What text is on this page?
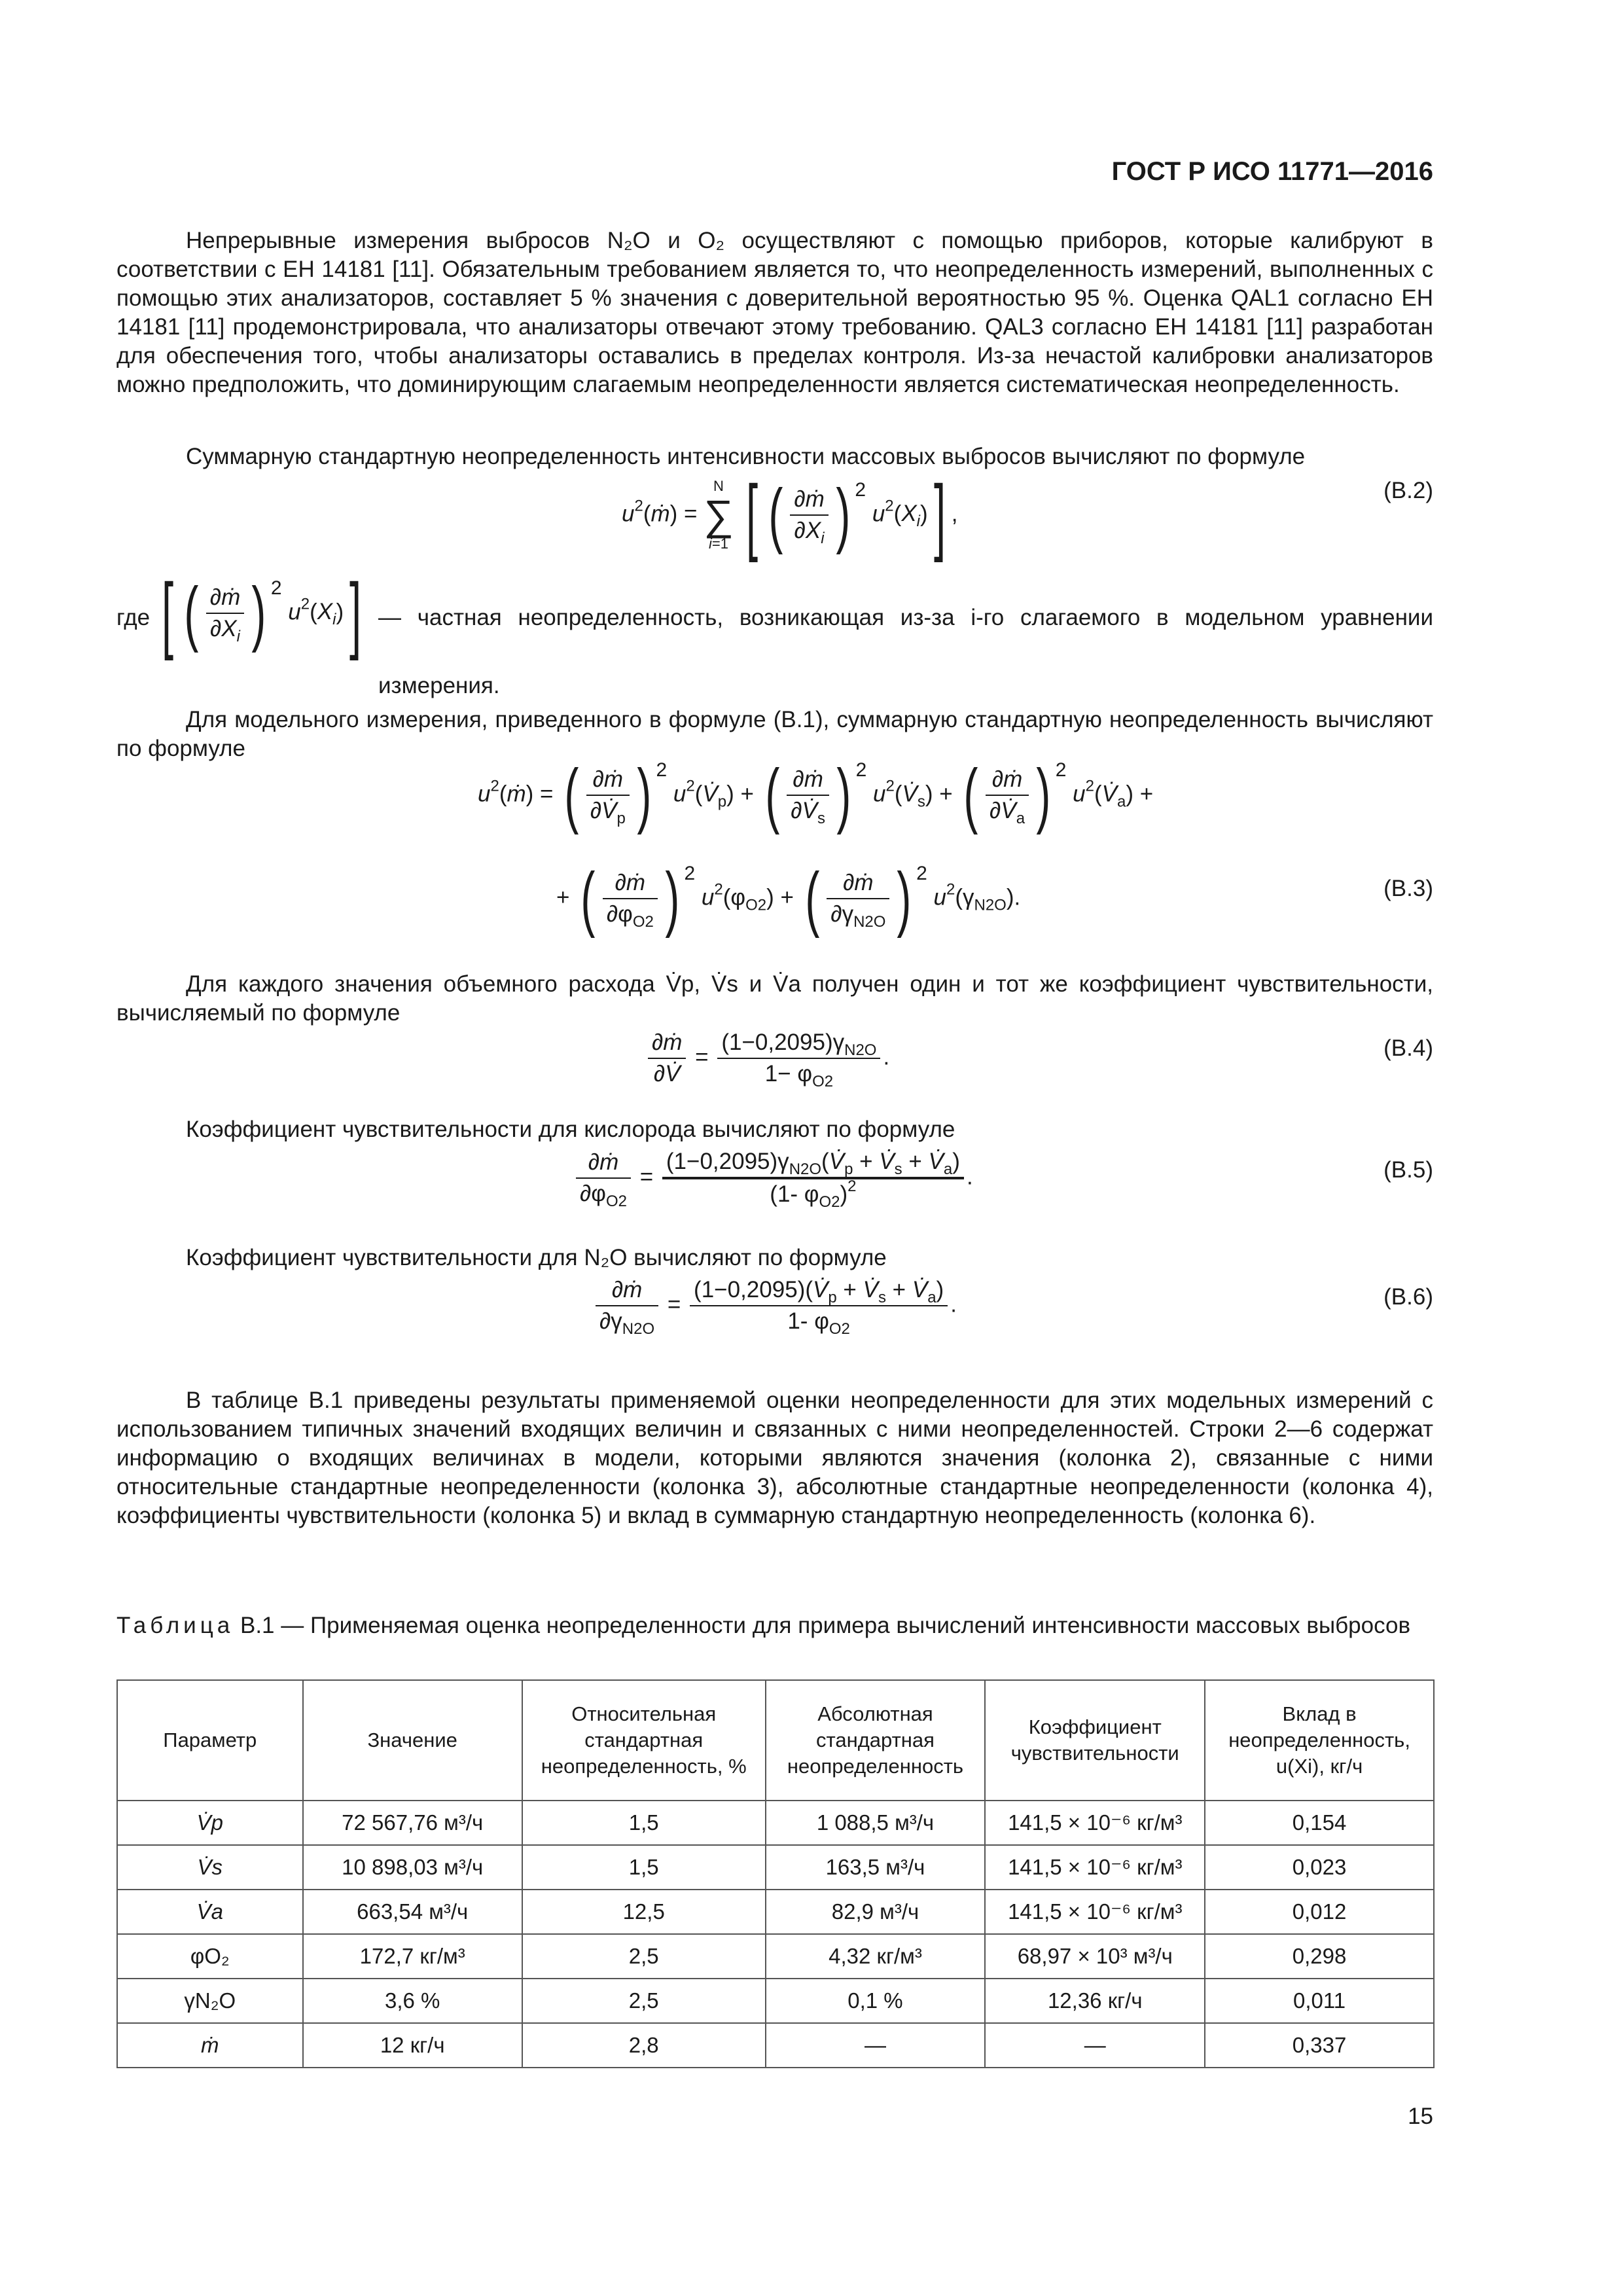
ГОСТ Р ИСО 11771—2016
Непрерывные измерения выбросов N₂O и O₂ осуществляют с помощью приборов, которые калибруют в соответствии с ЕН 14181 [11]. Обязательным требованием является то, что неопределенность измерений, выполненных с помощью этих анализаторов, составляет 5 % значения с доверительной вероятностью 95 %. Оценка QAL1 согласно ЕН 14181 [11] продемонстрировала, что анализаторы отвечают этому требованию. QAL3 согласно ЕН 14181 [11] разработан для обеспечения того, чтобы анализаторы оставались в пределах контроля. Из-за нечастой калибровки анализаторов можно предположить, что доминирующим слагаемым неопределенности является систематическая неопределенность.
Суммарную стандартную неопределенность интенсивности массовых выбросов вычисляют по формуле
$u^2(ṁ) = N$
∑
i=1 [ ( $\frac{\text{∂ṁ}}{\partial X_i}$ ) 2 $u^2(X_i)$] ,
(В.2)
где [ ( $\frac{\text{∂ṁ}}{\partial X_i}$ ) 2 $u^2(X_i)$] — частная неопределенность, возникающая из-за i-го слагаемого в модельном уравнении
измерения.
Для модельного измерения, приведенного в формуле (В.1), суммарную стандартную неопределенность вычисляют по формуле
$u^2(ṁ)$ = ( $\frac{\text{∂ṁ}}{\partial V̇_p}$ ) 2 $u^2(V̇_p)$ + ( $\frac{\text{∂ṁ}}{\partial V̇_s}$ ) 2 $u^2(V̇_s)$ + ( $\frac{\text{∂ṁ}}{\partial V̇_a}$ ) 2 $u^2(V̇_a)$ +
+ ( $\frac{\text{∂ṁ}}{\partial\varphi_{O2}}$ ) 2 $u^2(\varphi_{O2})$ + ( $\frac{\text{∂ṁ}}{\partial\gamma_{N2O}}$ ) 2 $u^2(\gamma_{N2O})$.	(В.3)
Для каждого значения объемного расхода V̇p, V̇s и V̇a получен один и тот же коэффициент чувствительности,
вычисляемый по формуле
$\frac{\text{∂ṁ}}{\partial V̇} = \frac{(1-0,2095)\gamma_{N2O}}{1- \varphi_{O2}}$ .	(В.4)
Коэффициент чувствительности для кислорода вычисляют по формуле
$\frac{\text{∂ṁ}}{\partial\varphi_{O2}} = \frac{(1-0,2095)\gamma_{N2O}(V̇_p + V̇_s + V̇_a)}{(1- \varphi_{O2})^2}$ .	(В.5)
Коэффициент чувствительности для N₂O вычисляют по формуле
$\frac{\text{∂ṁ}}{\partial\gamma_{N2O}} = \frac{(1-0,2095)(V̇_p + V̇_s + V̇_a)}{1- \varphi_{O2}}$ .	(В.6)
В таблице В.1 приведены результаты применяемой оценки неопределенности для этих модельных измерений с использованием типичных значений входящих величин и связанных с ними неопределенностей. Строки 2—6 содержат информацию о входящих величинах в модели, которыми являются значения (колонка 2), связанные с ними относительные стандартные неопределенности (колонка 3), абсолютные стандартные неопределенности (колонка 4), коэффициенты чувствительности (колонка 5) и вклад в суммарную стандартную неопределенность (колонка 6).
Таблица В.1 — Применяемая оценка неопределенности для примера вычислений интенсивности массовых выбросов
Параметр	Значение	Относительная стандартная неопределенность, %	Абсолютная стандартная неопределенность	Коэффициент чувствительности	Вклад в неопределенность, u(Xi), кг/ч
V̇p	72 567,76 м³/ч	1,5	1 088,5 м³/ч	141,5 × 10⁻⁶ кг/м³	0,154
V̇s	10 898,03 м³/ч	1,5	163,5 м³/ч	141,5 × 10⁻⁶ кг/м³	0,023
V̇a	663,54 м³/ч	12,5	82,9 м³/ч	141,5 × 10⁻⁶ кг/м³	0,012
φO₂	172,7 кг/м³	2,5	4,32 кг/м³	68,97 × 10³ м³/ч	0,298
γN₂O	3,6 %	2,5	0,1 %	12,36 кг/ч	0,011
ṁ	12 кг/ч	2,8	—	—	0,337
15
